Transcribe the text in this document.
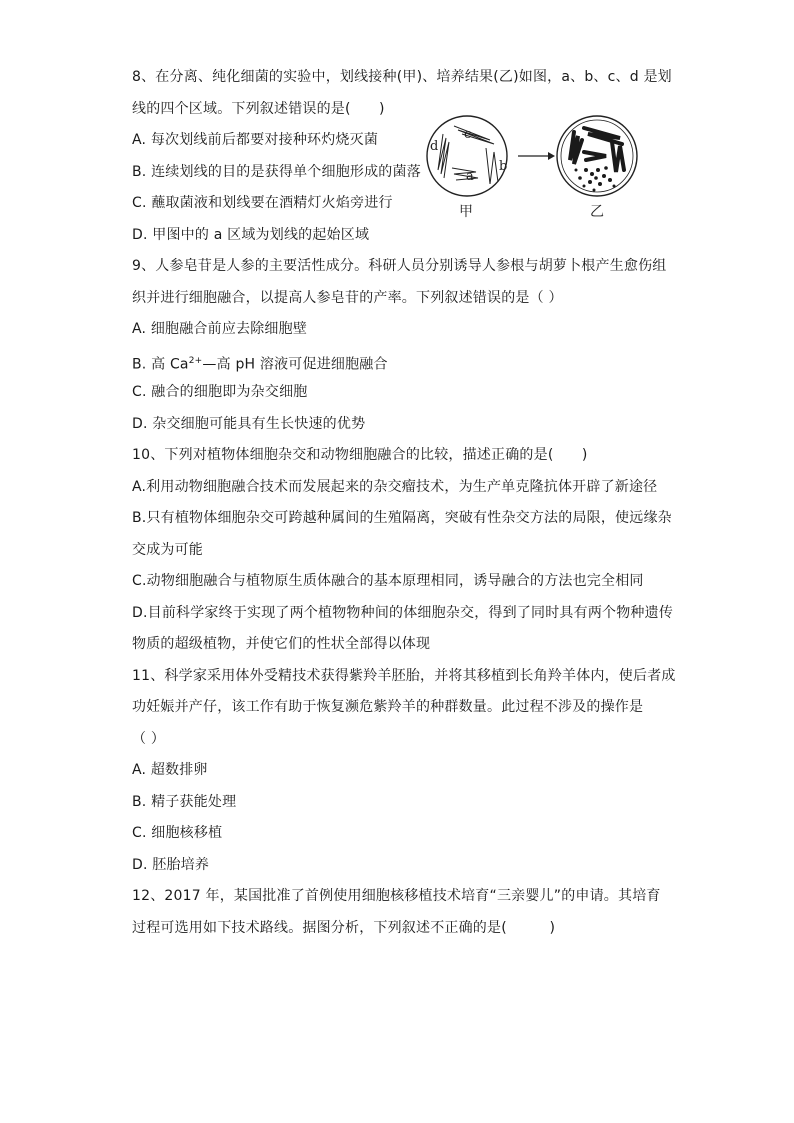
8、在分离、纯化细菌的实验中，划线接种(甲)、培养结果(乙)如图，a、b、c、d 是划
线的四个区域。下列叙述错误的是(　　)
A. 每次划线前后都要对接种环灼烧灭菌
B. 连续划线的目的是获得单个细胞形成的菌落
C. 蘸取菌液和划线要在酒精灯火焰旁进行
D. 甲图中的 a 区域为划线的起始区域
d
c
b
a
甲	乙
9、人参皂苷是人参的主要活性成分。科研人员分别诱导人参根与胡萝卜根产生愈伤组
织并进行细胞融合，以提高人参皂苷的产率。下列叙述错误的是（ ）
A. 细胞融合前应去除细胞壁
B. 高 $Ca^{2+}—$高 pH 溶液可促进细胞融合
C. 融合的细胞即为杂交细胞
D. 杂交细胞可能具有生长快速的优势
10、下列对植物体细胞杂交和动物细胞融合的比较，描述正确的是(　　)
A.利用动物细胞融合技术而发展起来的杂交瘤技术，为生产单克隆抗体开辟了新途径
B.只有植物体细胞杂交可跨越种属间的生殖隔离，突破有性杂交方法的局限，使远缘杂
交成为可能
C.动物细胞融合与植物原生质体融合的基本原理相同，诱导融合的方法也完全相同
D.目前科学家终于实现了两个植物物种间的体细胞杂交，得到了同时具有两个物种遗传
物质的超级植物，并使它们的性状全部得以体现
11、科学家采用体外受精技术获得紫羚羊胚胎，并将其移植到长角羚羊体内，使后者成
功妊娠并产仔，该工作有助于恢复濒危紫羚羊的种群数量。此过程不涉及的操作是
（ ）
A. 超数排卵
B. 精子获能处理
C. 细胞核移植
D. 胚胎培养
12、2017 年，某国批准了首例使用细胞核移植技术培育“三亲婴儿”的申请。其培育
过程可选用如下技术路线。据图分析，下列叙述不正确的是(　　　)
